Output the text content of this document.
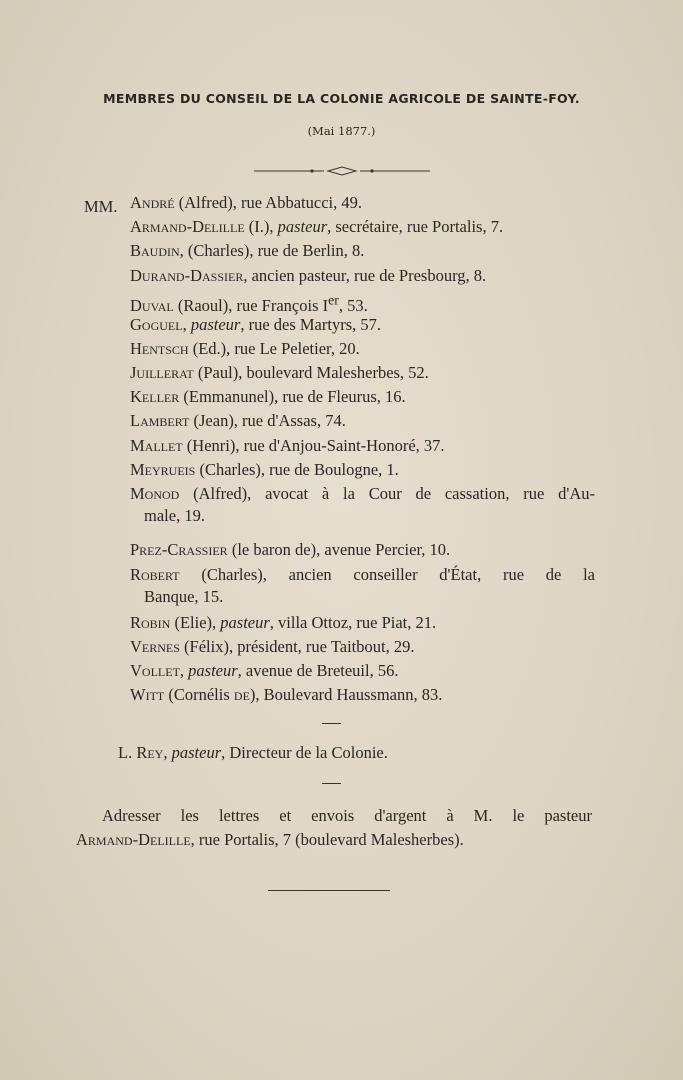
MEMBRES DU CONSEIL DE LA COLONIE AGRICOLE DE SAINTE-FOY.
(Mai 1877.)
MM. André (Alfred), rue Abbatucci, 49.
Armand-Delille (I.), pasteur, secrétaire, rue Portalis, 7.
Baudin, (Charles), rue de Berlin, 8.
Durand-Dassier, ancien pasteur, rue de Presbourg, 8.
Duval (Raoul), rue François Ier, 53.
Goguel, pasteur, rue des Martyrs, 57.
Hentsch (Ed.), rue Le Peletier, 20.
Juillerat (Paul), boulevard Malesherbes, 52.
Keller (Emmanunel), rue de Fleurus, 16.
Lambert (Jean), rue d'Assas, 74.
Mallet (Henri), rue d'Anjou-Saint-Honoré, 37.
Meyrueis (Charles), rue de Boulogne, 1.
Monod (Alfred), avocat à la Cour de cassation, rue d'Au-
male, 19.
Prez-Crassier (le baron de), avenue Percier, 10.
Robert (Charles), ancien conseiller d'État, rue de la
Banque, 15.
Robin (Elie), pasteur, villa Ottoz, rue Piat, 21.
Vernes (Félix), président, rue Taitbout, 29.
Vollet, pasteur, avenue de Breteuil, 56.
Witt (Cornélis de), Boulevard Haussmann, 83.
L. Rey, pasteur, Directeur de la Colonie.
Adresser les lettres et envois d'argent à M. le pasteur
Armand-Delille, rue Portalis, 7 (boulevard Malesherbes).
